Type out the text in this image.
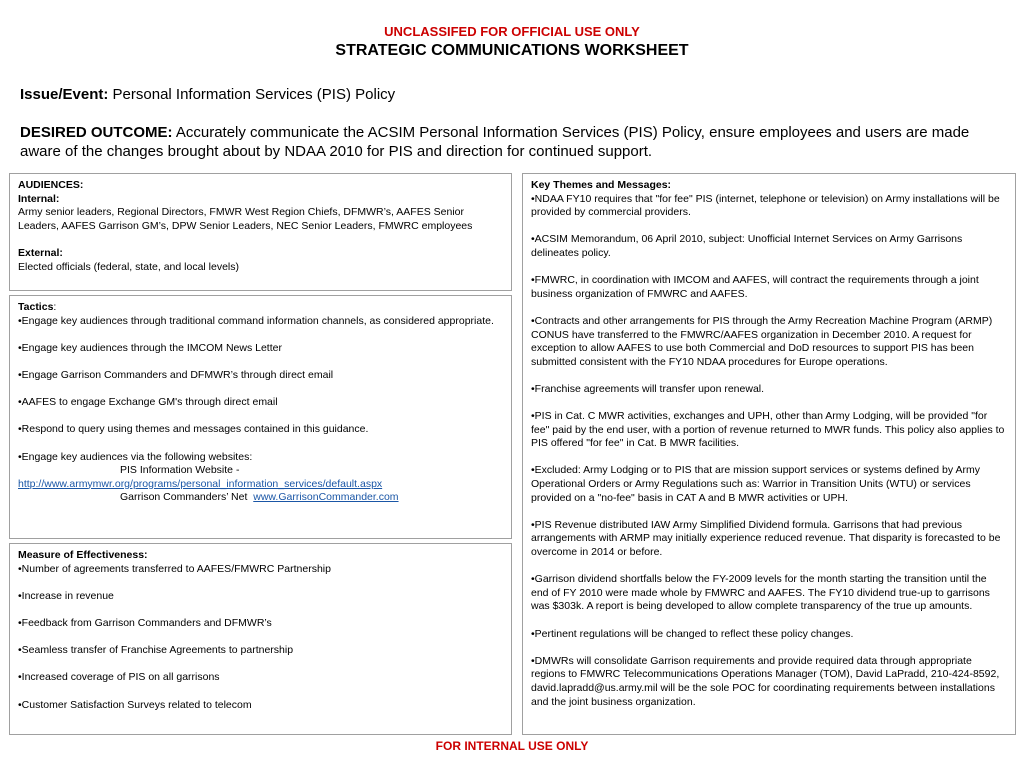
UNCLASSIFED FOR OFFICIAL USE ONLY
STRATEGIC COMMUNICATIONS WORKSHEET
Issue/Event: Personal Information Services (PIS) Policy
DESIRED OUTCOME: Accurately communicate the ACSIM Personal Information Services (PIS) Policy, ensure employees and users are made aware of the changes brought about by NDAA 2010 for PIS and direction for continued support.

AUDIENCES:

Internal:

Army senior leaders, Regional Directors, FMWR West Region Chiefs, DFMWR’s, AAFES Senior Leaders, AAFES Garrison GM’s, DPW Senior Leaders, NEC Senior Leaders, FMWRC employees

External:

Elected officials (federal, state, and local levels)

Tactics:

•Engage key audiences through traditional command information channels, as considered appropriate.

•Engage key audiences through the IMCOM News Letter

•Engage Garrison Commanders and DFMWR’s through direct email

•AAFES to engage Exchange GM's through direct email

•Respond to query using themes and messages contained in this guidance.

•Engage key audiences via the following websites:

PIS Information Website -

http://www.armymwr.org/programs/personal_information_services/default.aspx

Garrison Commanders’ Net www.GarrisonCommander.com

Measure of Effectiveness:

•Number of agreements transferred to AAFES/FMWRC Partnership

•Increase in revenue

•Feedback from Garrison Commanders and DFMWR’s

•Seamless transfer of Franchise Agreements to partnership

•Increased coverage of PIS on all garrisons

•Customer Satisfaction Surveys related to telecom

Key Themes and Messages:

•NDAA FY10 requires that "for fee" PIS (internet, telephone or television) on Army installations will be provided by commercial providers.

•ACSIM Memorandum, 06 April 2010, subject: Unofficial Internet Services on Army Garrisons delineates policy.

•FMWRC, in coordination with IMCOM and AAFES, will contract the requirements through a joint business organization of FMWRC and AAFES.

•Contracts and other arrangements for PIS through the Army Recreation Machine Program (ARMP) CONUS have transferred to the FMWRC/AAFES organization in December 2010. A request for exception to allow AAFES to use both Commercial and DoD resources to support PIS has been submitted consistent with the FY10 NDAA procedures for Europe operations.

•Franchise agreements will transfer upon renewal.

•PIS in Cat. C MWR activities, exchanges and UPH, other than Army Lodging, will be provided "for fee" paid by the end user, with a portion of revenue returned to MWR funds. This policy also applies to PIS offered "for fee" in Cat. B MWR facilities.

•Excluded: Army Lodging or to PIS that are mission support services or systems defined by Army Operational Orders or Army Regulations such as: Warrior in Transition Units (WTU) or services provided on a "no-fee" basis in CAT A and B MWR activities or UPH.

•PIS Revenue distributed IAW Army Simplified Dividend formula. Garrisons that had previous arrangements with ARMP may initially experience reduced revenue. That disparity is forecasted to be overcome in 2014 or before.

•Garrison dividend shortfalls below the FY-2009 levels for the month starting the transition until the end of FY 2010 were made whole by FMWRC and AAFES. The FY10 dividend true-up to garrisons was $303k. A report is being developed to allow complete transparency of the true up amounts.

•Pertinent regulations will be changed to reflect these policy changes.

•DMWRs will consolidate Garrison requirements and provide required data through appropriate regions to FMWRC Telecommunications Operations Manager (TOM), David LaPradd, 210-424-8592, david.lapradd@us.army.mil will be the sole POC for coordinating requirements between installations and the joint business organization.

FOR INTERNAL USE ONLY
